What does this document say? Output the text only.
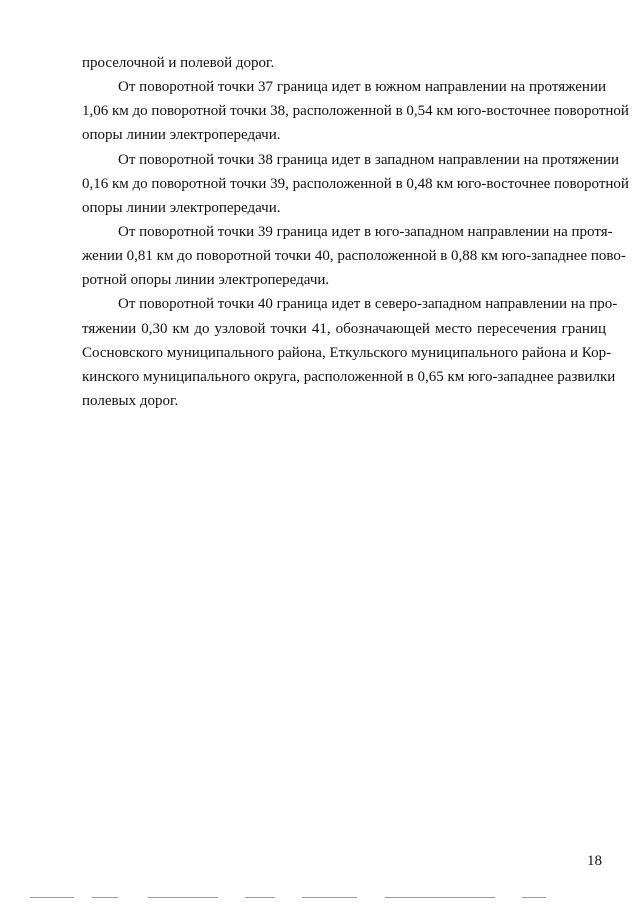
проселочной и полевой дорог.
От поворотной точки 37 граница идет в южном направлении на протяжении
1,06 км до поворотной точки 38, расположенной в 0,54 км юго-восточнее поворотной
опоры линии электропередачи.
От поворотной точки 38 граница идет в западном направлении на протяжении
0,16 км до поворотной точки 39, расположенной в 0,48 км юго-восточнее поворотной
опоры линии электропередачи.
От поворотной точки 39 граница идет в юго-западном направлении на протя-
жении 0,81 км до поворотной точки 40, расположенной в 0,88 км юго-западнее пово-
ротной опоры линии электропередачи.
От поворотной точки 40 граница идет в северо-западном направлении на про-
тяжении 0,30 км до узловой точки 41, обозначающей место пересечения границ
Сосновского муниципального района, Еткульского муниципального района и Кор-
кинского муниципального округа, расположенной в 0,65 км юго-западнее развилки
полевых дорог.
18
